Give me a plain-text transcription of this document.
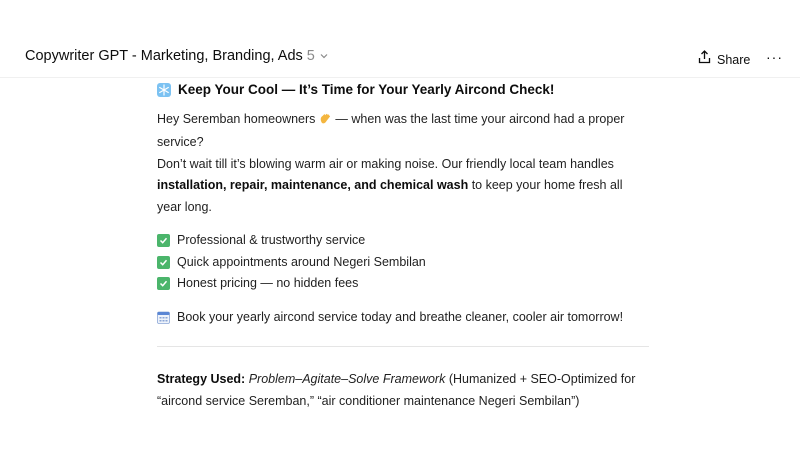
Copywriter GPT - Marketing, Branding, Ads 5	Share ···
Keep Your Cool — It’s Time for Your Yearly Aircond Check!

Hey Seremban homeowners — when was the last time your aircond had a proper service?
Don’t wait till it’s blowing warm air or making noise. Our friendly local team handles installation, repair, maintenance, and chemical wash to keep your home fresh all year long.

Professional & trustworthy service
Quick appointments around Negeri Sembilan
Honest pricing — no hidden fees
Book your yearly aircond service today and breathe cleaner, cooler air tomorrow!

Strategy Used: Problem–Agitate–Solve Framework (Humanized + SEO-Optimized for “aircond service Seremban,” “air conditioner maintenance Negeri Sembilan”)
